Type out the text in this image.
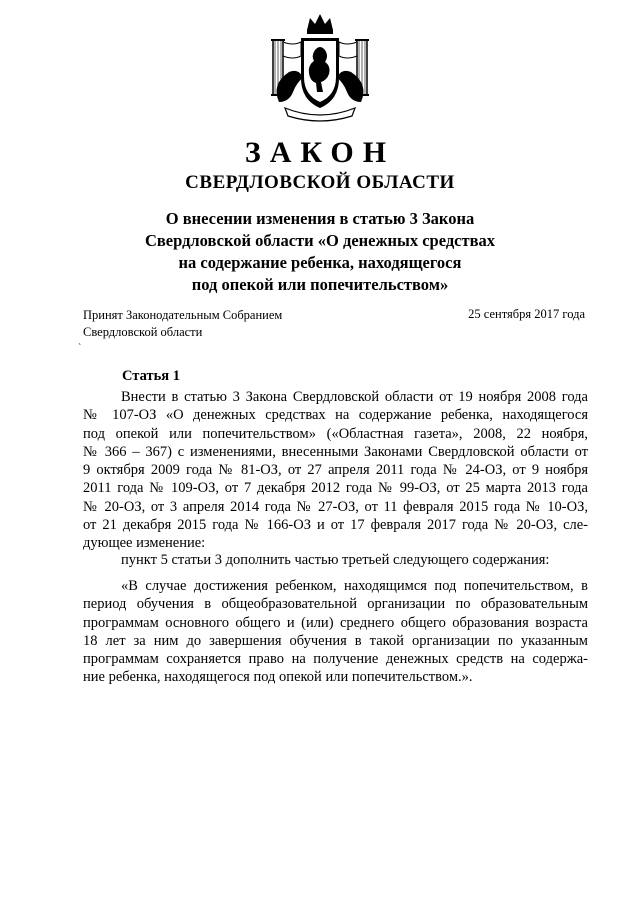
ЗАКОН
СВЕРДЛОВСКОЙ ОБЛАСТИ
О внесении изменения в статью 3 Закона
Свердловской области «О денежных средствах
на содержание ребенка, находящегося
под опекой или попечительством»
Принят Законодательным Собранием
Свердловской области
25 сентября 2017 года
`
Статья 1
Внести в статью 3 Закона Свердловской области от 19 ноября 2008 года
№ 107-ОЗ «О денежных средствах на содержание ребенка, находящегося
под опекой или попечительством» («Областная газета», 2008, 22 ноября,
№ 366 – 367) с изменениями, внесенными Законами Свердловской области от
9 октября 2009 года № 81-ОЗ, от 27 апреля 2011 года № 24-ОЗ, от 9 ноября
2011 года № 109-ОЗ, от 7 декабря 2012 года № 99-ОЗ, от 25 марта 2013 года
№ 20-ОЗ, от 3 апреля 2014 года № 27-ОЗ, от 11 февраля 2015 года № 10-ОЗ,
от 21 декабря 2015 года № 166-ОЗ и от 17 февраля 2017 года № 20-ОЗ, сле-
дующее изменение:
пункт 5 статьи 3 дополнить частью третьей следующего содержания:
«В случае достижения ребенком, находящимся под попечительством, в
период обучения в общеобразовательной организации по образовательным
программам основного общего и (или) среднего общего образования возраста
18 лет за ним до завершения обучения в такой организации по указанным
программам сохраняется право на получение денежных средств на содержа-
ние ребенка, находящегося под опекой или попечительством.».
